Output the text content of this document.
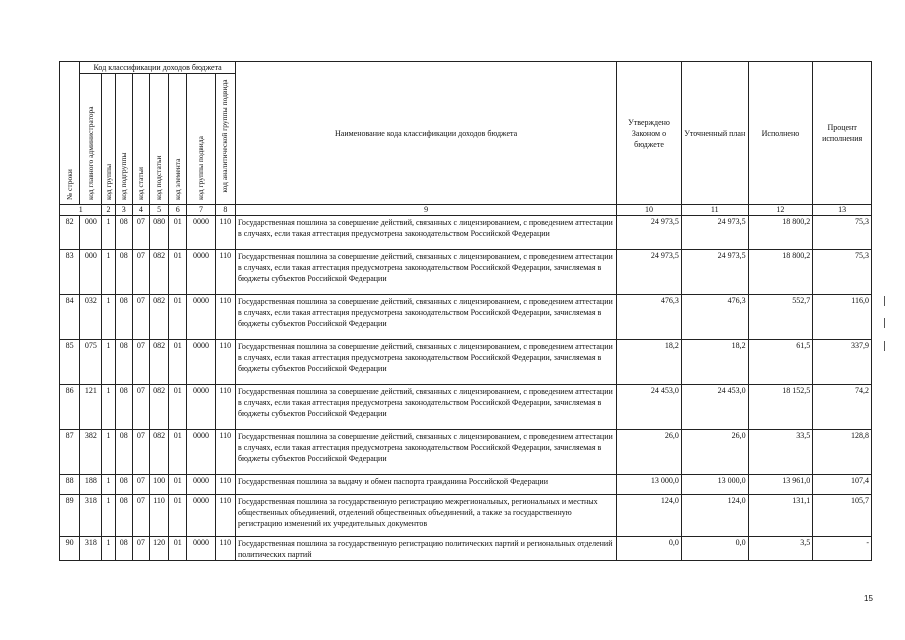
№ строки	Код классификации доходов бюджета								Наименование кода классификации доходов бюджета	Утверждено Законом о бюджете	Уточненный план	Исполнено	Процент исполнения

	код главного администратора	код группы	код подгруппы	код статьи	код подстатьи	код элемента	код группы подвида	код аналитической группы подвида					

1		2	3	4	5	6	7	8	9	10	11	12	13
82	000	1	08	07	080	01	0000	110	Государственная пошлина за совершение действий, связанных с лицензированием, с проведением аттестации в случаях, если такая аттестация предусмотрена законодательством Российской Федерации	24 973,5	24 973,5	18 800,2	75,3
83	000	1	08	07	082	01	0000	110	Государственная пошлина за совершение действий, связанных с лицензированием, с проведением аттестации в случаях, если такая аттестация предусмотрена законодательством Российской Федерации, зачисляемая в бюджеты субъектов Российской Федерации	24 973,5	24 973,5	18 800,2	75,3
84	032	1	08	07	082	01	0000	110	Государственная пошлина за совершение действий, связанных с лицензированием, с проведением аттестации в случаях, если такая аттестация предусмотрена законодательством Российской Федерации, зачисляемая в бюджеты субъектов Российской Федерации	476,3	476,3	552,7	116,0
85	075	1	08	07	082	01	0000	110	Государственная пошлина за совершение действий, связанных с лицензированием, с проведением аттестации в случаях, если такая аттестация предусмотрена законодательством Российской Федерации, зачисляемая в бюджеты субъектов Российской Федерации	18,2	18,2	61,5	337,9
86	121	1	08	07	082	01	0000	110	Государственная пошлина за совершение действий, связанных с лицензированием, с проведением аттестации в случаях, если такая аттестация предусмотрена законодательством Российской Федерации, зачисляемая в бюджеты субъектов Российской Федерации	24 453,0	24 453,0	18 152,5	74,2
87	382	1	08	07	082	01	0000	110	Государственная пошлина за совершение действий, связанных с лицензированием, с проведением аттестации в случаях, если такая аттестация предусмотрена законодательством Российской Федерации, зачисляемая в бюджеты субъектов Российской Федерации	26,0	26,0	33,5	128,8
88	188	1	08	07	100	01	0000	110	Государственная пошлина за выдачу и обмен паспорта гражданина Российской Федерации	13 000,0	13 000,0	13 961,0	107,4
89	318	1	08	07	110	01	0000	110	Государственная пошлина за государственную регистрацию межрегиональных, региональных и местных общественных объединений, отделений общественных объединений, а также за государственную регистрацию изменений их учредительных документов	124,0	124,0	131,1	105,7
90	318	1	08	07	120	01	0000	110	Государственная пошлина за государственную регистрацию политических партий и региональных отделений политических партий	0,0	0,0	3,5	-
15
